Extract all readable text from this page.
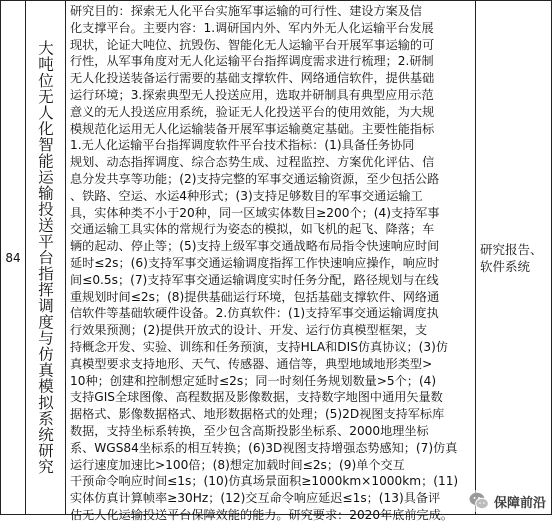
84 大吨位无人化智能运输投送平台指挥调度与仿真模拟系统研究
研究目的：探索无人化平台实施军事运输的可行性、建设方案及信
化支撑平台。主要内容：1.调研国内外、军内外无人化运输平台发展
现状，论证大吨位、抗毁伤、智能化无人运输平台开展军事运输的可
行性，从军事角度对无人化运输平台指挥调度需求进行梳理；2.研制
无人化投送装备运行需要的基础支撑软件、网络通信软件，提供基础
运行环境；3.探索典型无人投送应用，选取并研制具有典型应用示范
意义的无人投送应用系统，验证无人化投送平台的使用效能，为大规
模规范化运用无人化运输装备开展军事运输奠定基础。主要性能指标
1.无人化运输平台指挥调度软件平台技术指标：(1)具备任务协同
规划、动态指挥调度、综合态势生成、过程监控、方案优化评估、信
息分发共享等功能；(2)支持完整的军事交通运输资源，至少包括公路
、铁路、空运、水运4种形式；(3)支持足够数目的军事交通运输工
具，实体种类不小于20种，同一区域实体数目≥200个；(4)支持军事
交通运输工具实体的常规行为姿态的模拟，如飞机的起飞、降落；车
辆的起动、停止等；(5)支持上级军事交通战略布局指令快速响应时间
延时≤2s；(6)支持军事交通运输调度指挥工作快速响应操作，响应时
间≤0.5s；(7)支持军事交通运输调度实时任务分配，路径规划与在线
重规划时间≤2s；(8)提供基础运行环境，包括基础支撑软件、网络通
信软件等基础软硬件设备。2.仿真软件：(1)支持军事交通运输调度执
行效果预测；(2)提供开放式的设计、开发、运行仿真模型框架，支
持概念开发、实验、训练和任务预演，支持HLA和DIS仿真协议；(3)仿
真模型要求支持地形、天气、传感器、通信等，典型地域地形类型>
10种；创建和控制想定延时≤2s；同一时刻任务规划数量>5个；(4)
支持GIS全球图像、高程数据及影像数据，支持数字地图中通用矢量数
据格式、影像数据格式、地形数据格式的处理；(5)2D视图支持军标库
数据，支持坐标系转换，至少包含高斯投影坐标系、2000地理坐标
系、WGS84坐标系的相互转换；(6)3D视图支持增强态势感知；(7)仿真
运行速度加速比>100倍；(8)想定加载时间≤2s；(9)单个交互
干预命令响应时间≤1s；(10)仿真场景面积≥1000km×1000km；(11)
实体仿真计算帧率≥30Hz；(12)交互命令响应延迟≤1s；(13)具备评
估无人化运输投送平台保障效能的能力。研究要求：2020年底前完成。
研究报告、软件系统
保障前沿
